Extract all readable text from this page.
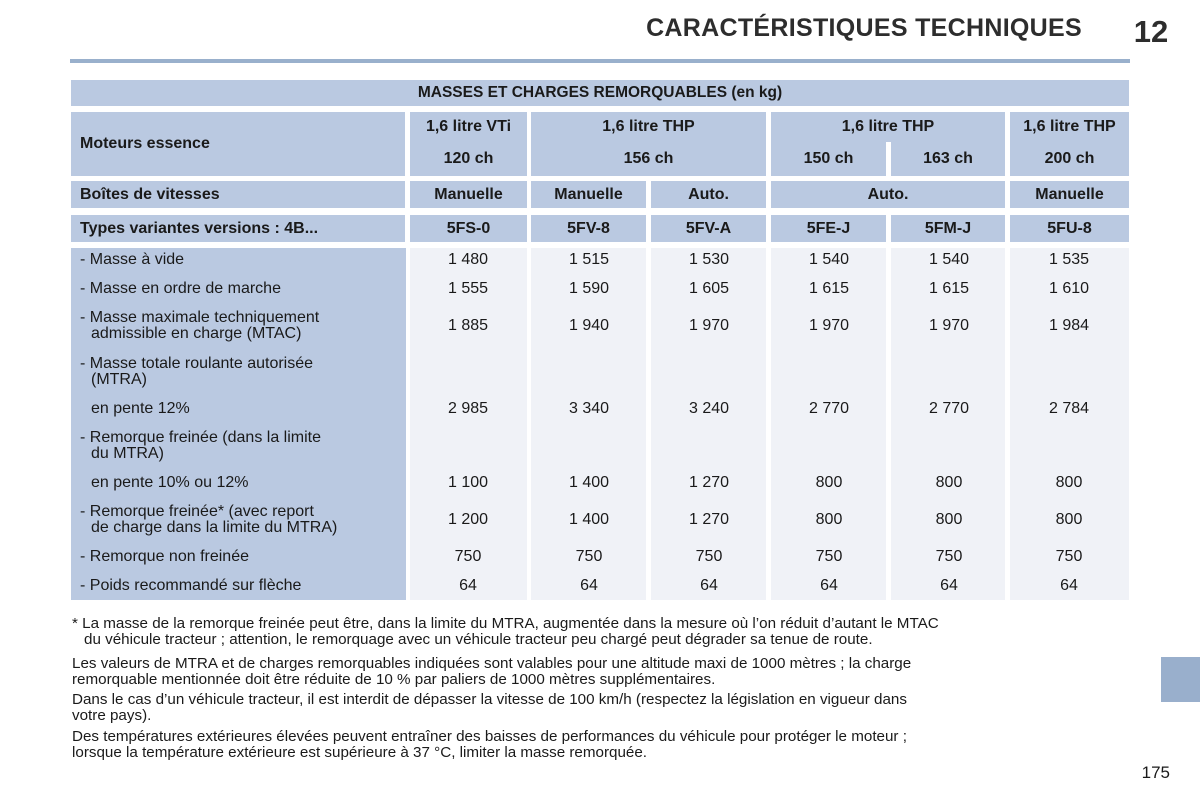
CARACTÉRISTIQUES TECHNIQUES	12
MASSES ET CHARGES REMORQUABLES (en kg)
Moteurs essence
1,6 litre VTi	1,6 litre THP	1,6 litre THP	1,6 litre THP
120 ch	156 ch	150 ch	163 ch	200 ch
Boîtes de vitesses	Manuelle	Manuelle	Auto.	Auto.	Manuelle
Types variantes versions : 4B...	5FS-0	5FV-8	5FV-A	5FE-J	5FM-J	5FU-8
- Masse à vide	1 480	1 515	1 530	1 540	1 540	1 535
- Masse en ordre de marche	1 555	1 590	1 605	1 615	1 615	1 610
- Masse maximale techniquement
admissible en charge (MTAC)	1 885	1 940	1 970	1 970	1 970	1 984
- Masse totale roulante autorisée
(MTRA)
en pente 12%	2 985	3 340	3 240	2 770	2 770	2 784
- Remorque freinée (dans la limite
du MTRA)
en pente 10% ou 12%	1 100	1 400	1 270	800	800	800
- Remorque freinée* (avec report
de charge dans la limite du MTRA)	1 200	1 400	1 270	800	800	800
- Remorque non freinée	750	750	750	750	750	750
- Poids recommandé sur flèche	64	64	64	64	64	64
* La masse de la remorque freinée peut être, dans la limite du MTRA, augmentée dans la mesure où l’on réduit d’autant le MTAC
du véhicule tracteur ; attention, le remorquage avec un véhicule tracteur peu chargé peut dégrader sa tenue de route.
Les valeurs de MTRA et de charges remorquables indiquées sont valables pour une altitude maxi de 1000 mètres ; la charge
remorquable mentionnée doit être réduite de 10 % par paliers de 1000 mètres supplémentaires.
Dans le cas d’un véhicule tracteur, il est interdit de dépasser la vitesse de 100 km/h (respectez la législation en vigueur dans
votre pays).
Des températures extérieures élevées peuvent entraîner des baisses de performances du véhicule pour protéger le moteur ;
lorsque la température extérieure est supérieure à 37 °C, limiter la masse remorquée.
175
